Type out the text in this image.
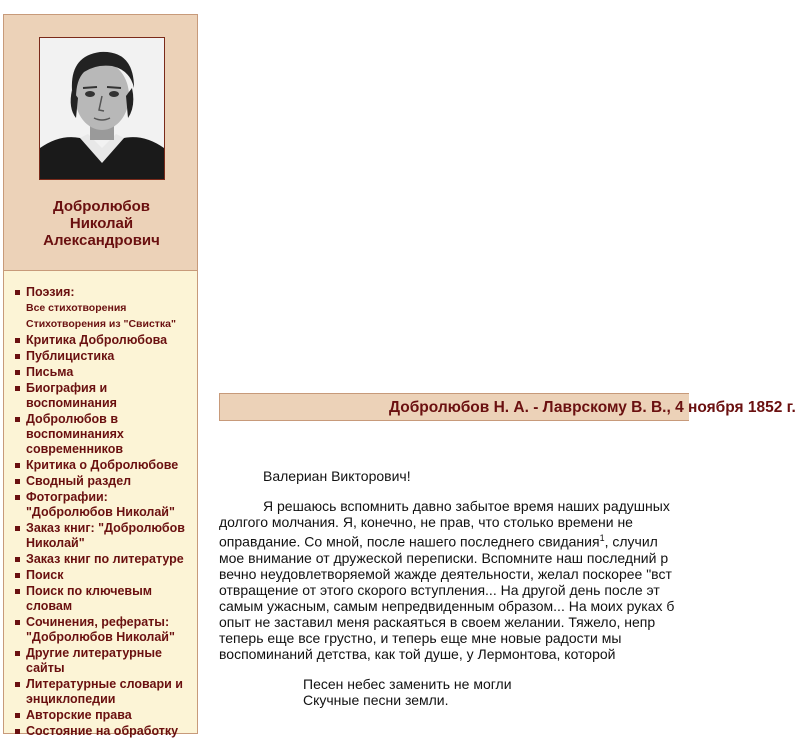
Добролюбов
Николай
Александрович
Поэзия:
Все стихотворения
Стихотворения из "Свистка"
Критика Добролюбова
Публицистика
Письма
Биография и воспоминания
Добролюбов в воспоминаниях современников
Критика о Добролюбове
Сводный раздел
Фотографии: "Добролюбов Николай"
Заказ книг: "Добролюбов Николай"
Заказ книг по литературе
Поиск
Поиск по ключевым словам
Сочинения, рефераты: "Добролюбов Николай"
Другие литературные сайты
Литературные словари и энциклопедии
Авторские права
Состояние на обработку
Добролюбов Н. А. - Лаврскому В. В., 4 ноября 1852 г.
Валериан Викторович!
Я решаюсь вспомнить давно забытое время наших радушных
долгого молчания. Я, конечно, не прав, что столько времени не
оправдание. Со мной, после нашего последнего свидания$^1$, случил
мое внимание от дружеской переписки. Вспомните наш последний р
вечно неудовлетворяемой жажде деятельности, желал поскорее "вст
отвращение от этого скорого вступления... На другой день после эт
самым ужасным, самым непредвиденным образом... На моих руках б
опыт не заставил меня раскаяться в своем желании. Тяжело, непр
теперь еще все грустно, и теперь еще мне новые радости мы
воспоминаний детства, как той душе, у Лермонтова, которой
Песен небес заменить не могли
Скучные песни земли.
